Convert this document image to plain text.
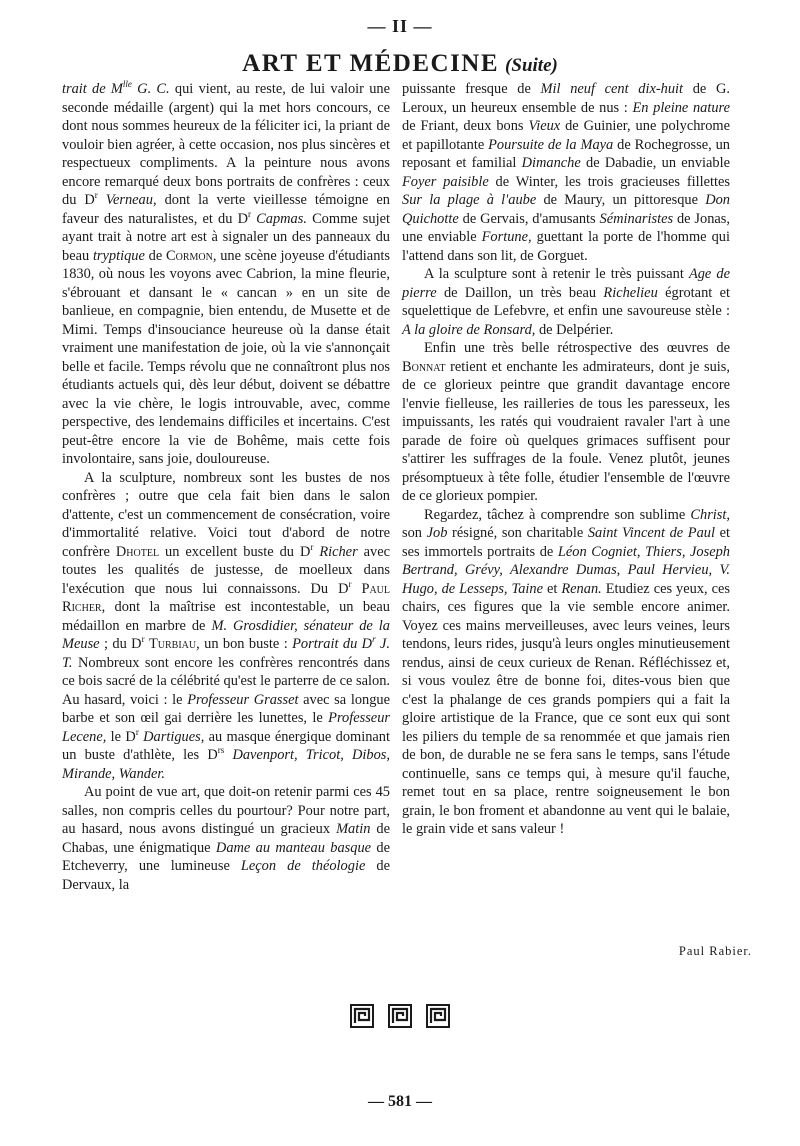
— II —
ART ET MÉDECINE (Suite)

trait de $M^{lle}$ G. C. qui vient, au reste, de lui valoir une seconde médaille (argent) qui la met hors concours, ce dont nous sommes heureux de la féliciter ici, la priant de vouloir bien agréer, à cette occasion, nos plus sincères et respectueux compliments. A la peinture nous avons encore remarqué deux bons portraits de confrères : ceux du $D^r$ Verneau, dont la verte vieillesse témoigne en faveur des naturalistes, et du $D^r$ Capmas. Comme sujet ayant trait à notre art est à signaler un des panneaux du beau tryptique de Cormon, une scène joyeuse d'étudiants 1830, où nous les voyons avec Cabrion, la mine fleurie, s'ébrouant et dansant le « cancan » en un site de banlieue, en compagnie, bien entendu, de Musette et de Mimi. Temps d'insouciance heureuse où la danse était vraiment une manifestation de joie, où la vie s'annonçait belle et facile. Temps révolu que ne connaîtront plus nos étudiants actuels qui, dès leur début, doivent se débattre avec la vie chère, le logis introuvable, avec, comme perspective, des lendemains difficiles et incertains. C'est peut-être encore la vie de Bohême, mais cette fois involontaire, sans joie, douloureuse.

A la sculpture, nombreux sont les bustes de nos confrères ; outre que cela fait bien dans le salon d'attente, c'est un commencement de consécration, voire d'immortalité relative. Voici tout d'abord de notre confrère Dhotel un excellent buste du $D^r$ Richer avec toutes les qualités de justesse, de moelleux dans l'exécution que nous lui connaissons. Du $D^r$ Paul Richer, dont la maîtrise est incontestable, un beau médaillon en marbre de M. Grosdidier, sénateur de la Meuse ; du $D^r$ Turbiau, un bon buste : Portrait du $D^r$ J. T. Nombreux sont encore les confrères rencontrés dans ce bois sacré de la célébrité qu'est le parterre de ce salon. Au hasard, voici : le Professeur Grasset avec sa longue barbe et son œil gai derrière les lunettes, le Professeur Lecene, le $D^r$ Dartigues, au masque énergique dominant un buste d'athlète, les $D^{rs}$ Davenport, Tricot, Dibos, Mirande, Wander.

Au point de vue art, que doit-on retenir parmi ces 45 salles, non compris celles du pourtour? Pour notre part, au hasard, nous avons distingué un gracieux Matin de Chabas, une énigmatique Dame au manteau basque de Etcheverry, une lumineuse Leçon de théologie de Dervaux, la

puissante fresque de Mil neuf cent dix-huit de G. Leroux, un heureux ensemble de nus : En pleine nature de Friant, deux bons Vieux de Guinier, une polychrome et papillotante Poursuite de la Maya de Rochegrosse, un reposant et familial Dimanche de Dabadie, un enviable Foyer paisible de Winter, les trois gracieuses fillettes Sur la plage à l'aube de Maury, un pittoresque Don Quichotte de Gervais, d'amusants Séminaristes de Jonas, une enviable Fortune, guettant la porte de l'homme qui l'attend dans son lit, de Gorguet.

A la sculpture sont à retenir le très puissant Age de pierre de Daillon, un très beau Richelieu égrotant et squelettique de Lefebvre, et enfin une savoureuse stèle : A la gloire de Ronsard, de Delpérier.

Enfin une très belle rétrospective des œuvres de Bonnat retient et enchante les admirateurs, dont je suis, de ce glorieux peintre que grandit davantage encore l'envie fielleuse, les railleries de tous les paresseux, les impuissants, les ratés qui voudraient ravaler l'art à une parade de foire où quelques grimaces suffisent pour s'attirer les suffrages de la foule. Venez plutôt, jeunes présomptueux à tête folle, étudier l'ensemble de l'œuvre de ce glorieux pompier.

Regardez, tâchez à comprendre son sublime Christ, son Job résigné, son charitable Saint Vincent de Paul et ses immortels portraits de Léon Cogniet, Thiers, Joseph Bertrand, Grévy, Alexandre Dumas, Paul Hervieu, V. Hugo, de Lesseps, Taine et Renan. Etudiez ces yeux, ces chairs, ces figures que la vie semble encore animer. Voyez ces mains merveilleuses, avec leurs veines, leurs tendons, leurs rides, jusqu'à leurs ongles minutieusement rendus, ainsi de ceux curieux de Renan. Réfléchissez et, si vous voulez être de bonne foi, dites-vous bien que c'est la phalange de ces grands pompiers qui a fait la gloire artistique de la France, que ce sont eux qui sont les piliers du temple de sa renommée et que jamais rien de bon, de durable ne se fera sans le temps, sans l'étude continuelle, sans ce temps qui, à mesure qu'il fauche, remet tout en sa place, rentre soigneusement le bon grain, le bon froment et abandonne au vent qui le balaie, le grain vide et sans valeur !

Paul Rabier.
— 581 —
